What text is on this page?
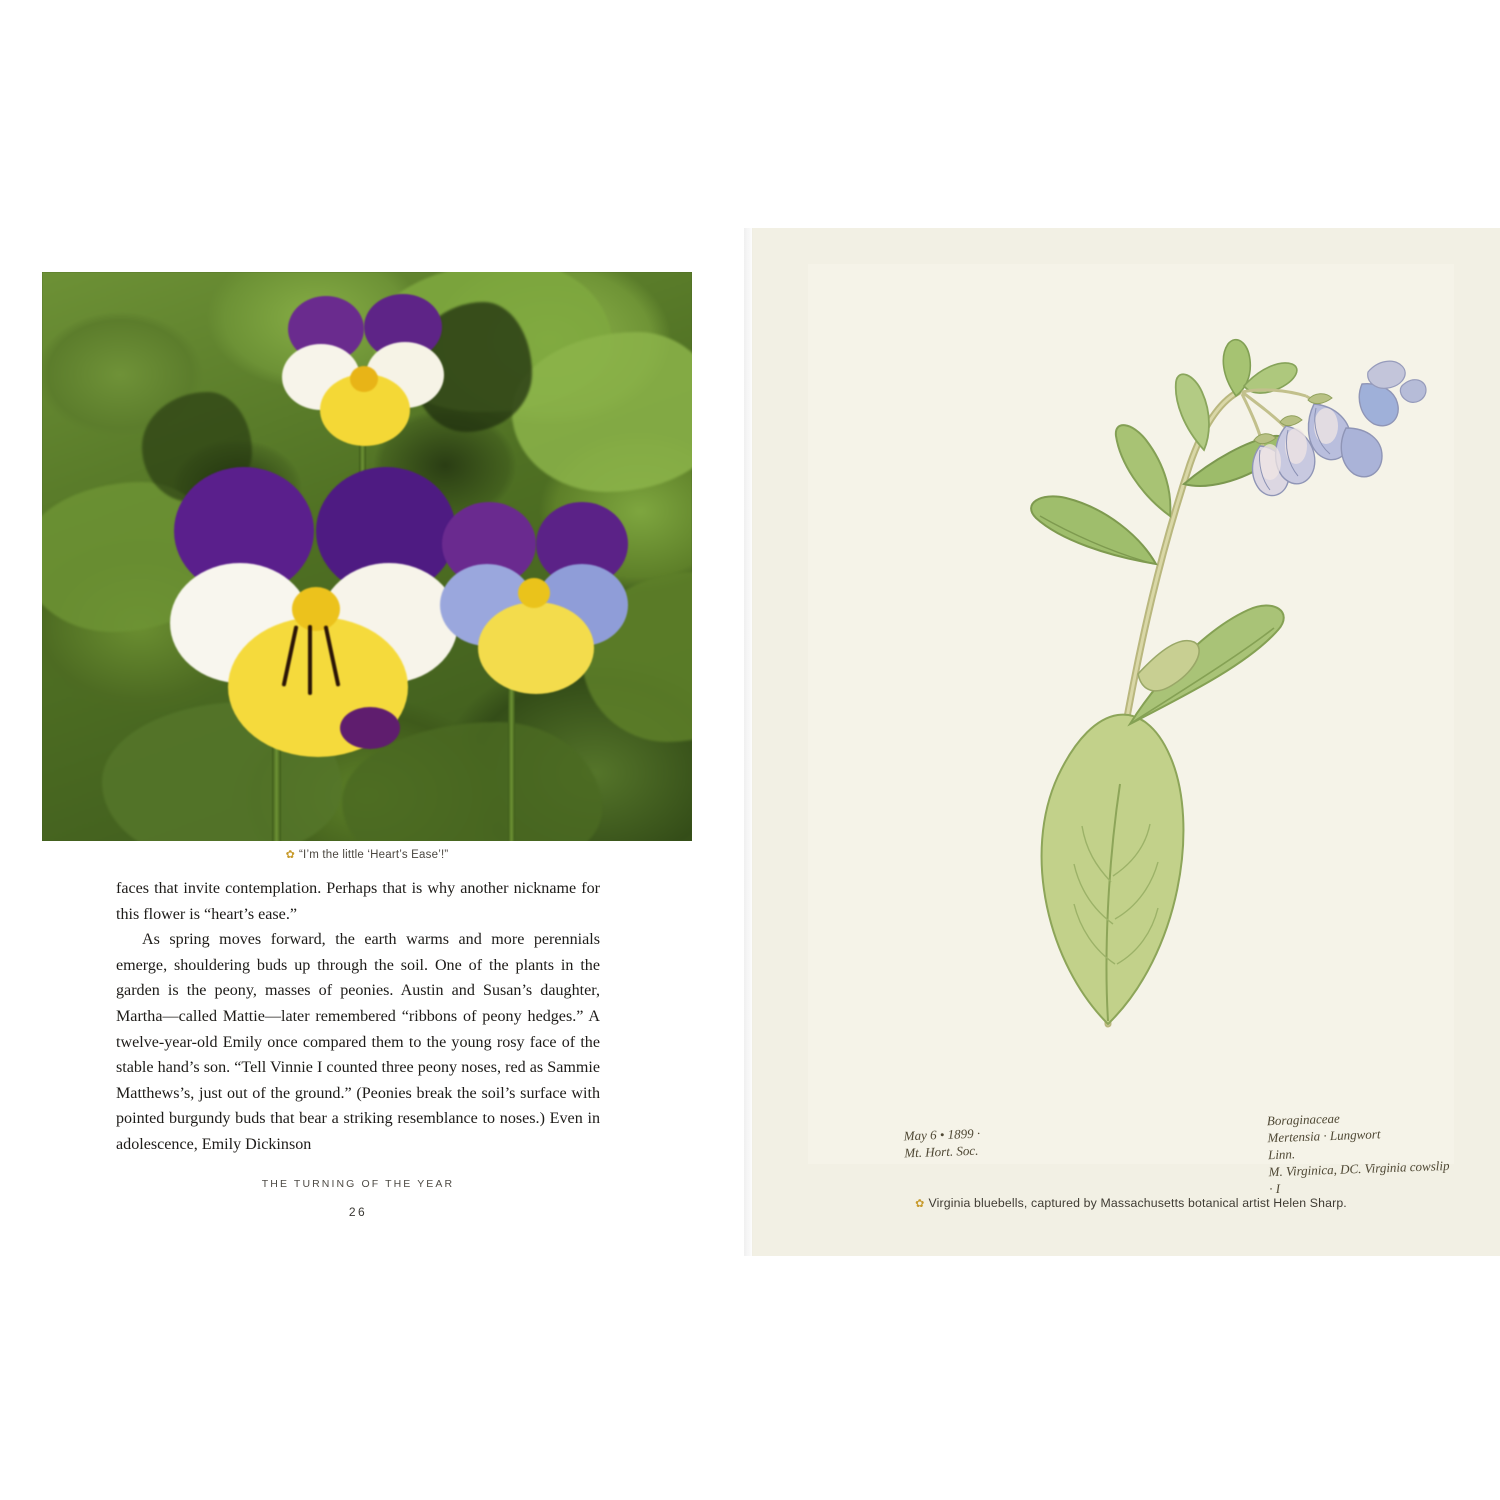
✿ “I’m the little ‘Heart’s Ease’!”

faces that invite contemplation. Perhaps that is why another nickname for this flower is “heart’s ease.”

As spring moves forward, the earth warms and more perennials emerge, shouldering buds up through the soil. One of the plants in the garden is the peony, masses of peonies. Austin and Susan’s daughter, Martha—called Mattie—later remembered “ribbons of peony hedges.” A twelve-year-old Emily once compared them to the young rosy face of the stable hand’s son. “Tell Vinnie I counted three peony noses, red as Sammie Matthews’s, just out of the ground.” (Peonies break the soil’s surface with pointed burgundy buds that bear a striking resemblance to noses.) Even in adolescence, Emily Dickinson

THE TURNING OF THE YEAR
26
May 6 • 1899 ·
Mt. Hort. Soc.
Boraginaceae
Mertensia · Lungwort
Linn.
M. Virginica, DC. Virginia cowslip · I
✿ Virginia bluebells, captured by Massachusetts botanical artist Helen Sharp.
